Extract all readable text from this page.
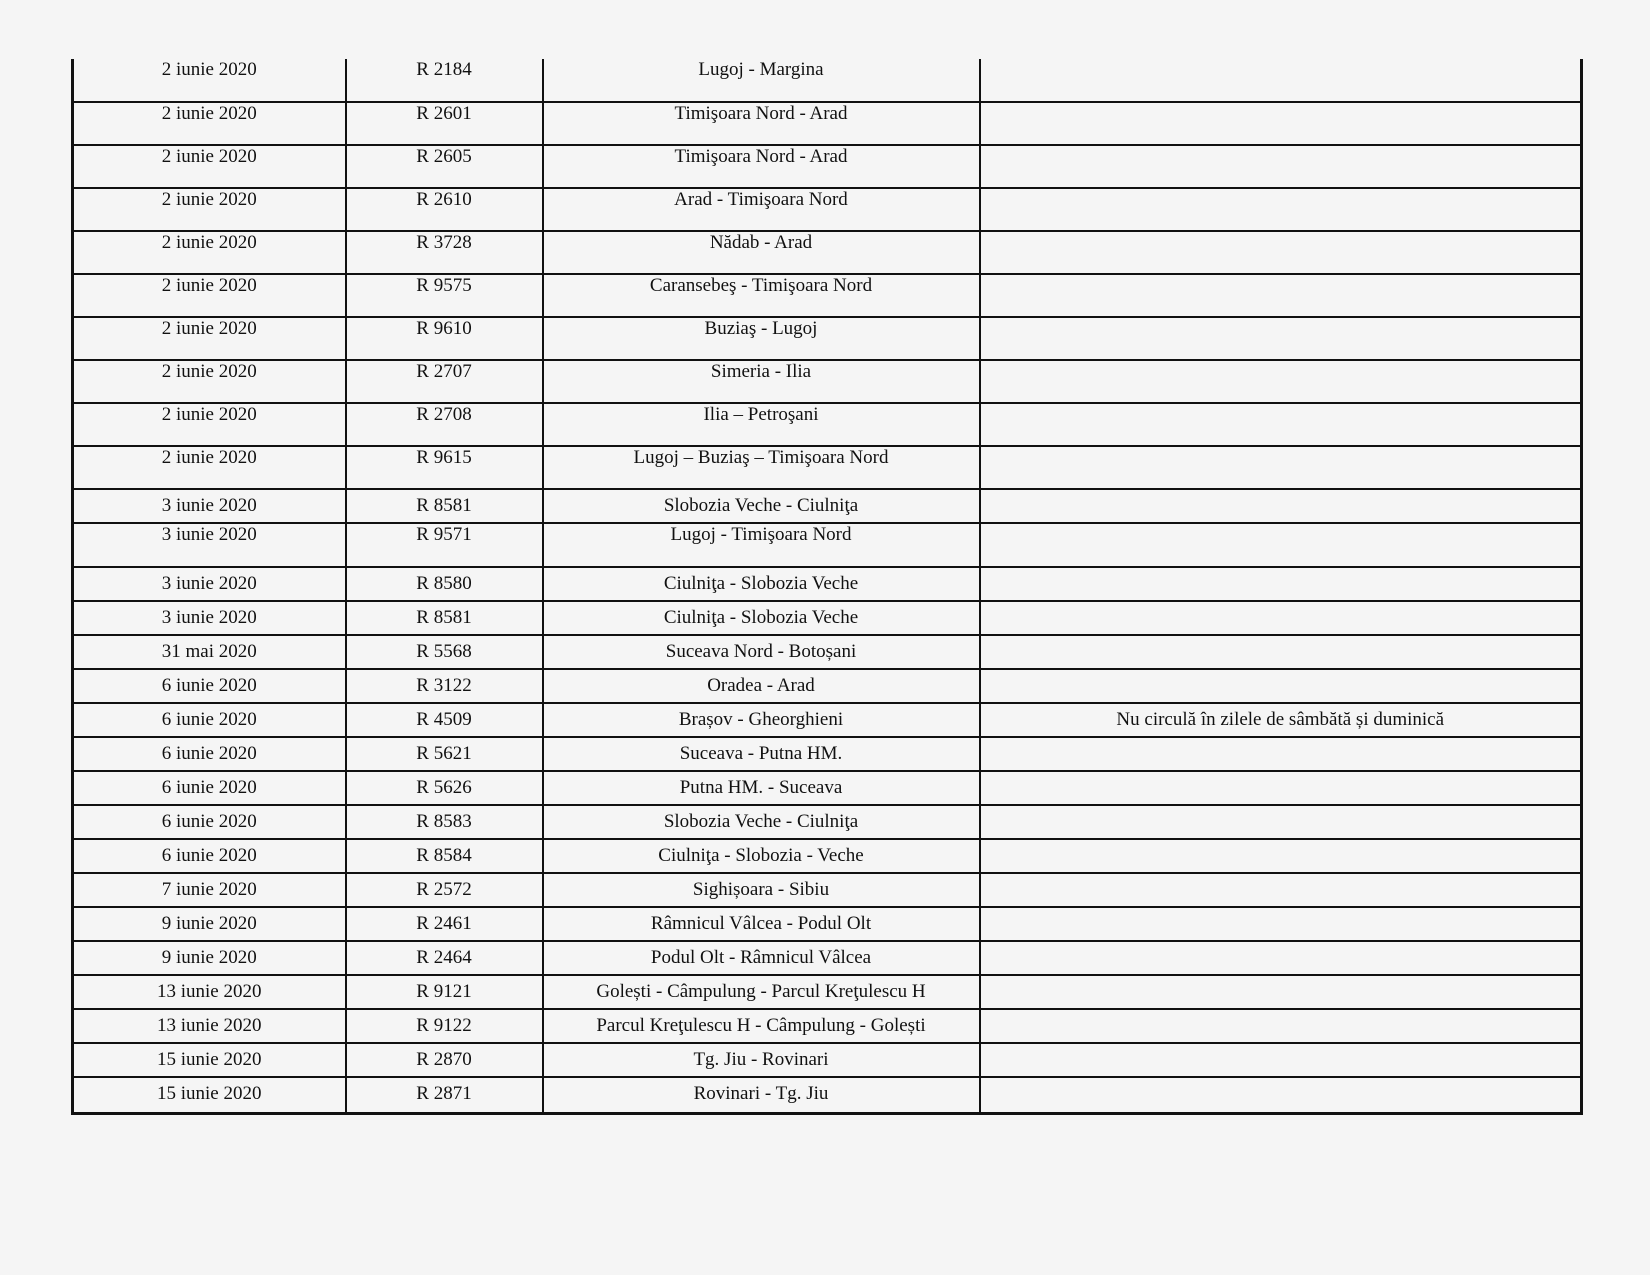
2 iunie 2020	R 2184	Lugoj - Margina	
2 iunie 2020	R 2601	Timişoara Nord - Arad	
2 iunie 2020	R 2605	Timişoara Nord - Arad	
2 iunie 2020	R 2610	Arad - Timişoara Nord	
2 iunie 2020	R 3728	Nădab - Arad	
2 iunie 2020	R 9575	Caransebeş - Timişoara Nord	
2 iunie 2020	R 9610	Buziaş - Lugoj	
2 iunie 2020	R 2707	Simeria - Ilia	
2 iunie 2020	R 2708	Ilia – Petroşani	
2 iunie 2020	R 9615	Lugoj – Buziaş – Timişoara Nord	
3 iunie 2020	R 8581	Slobozia Veche - Ciulniţa	
3 iunie 2020	R 9571	Lugoj - Timişoara Nord	
3 iunie 2020	R 8580	Ciulniţa - Slobozia Veche	
3 iunie 2020	R 8581	Ciulniţa - Slobozia Veche	
31 mai 2020	R 5568	Suceava Nord - Botoșani	
6 iunie 2020	R 3122	Oradea - Arad	
6 iunie 2020	R 4509	Brașov - Gheorghieni	Nu circulă în zilele de sâmbătă și duminică
6 iunie 2020	R 5621	Suceava - Putna HM.	
6 iunie 2020	R 5626	Putna HM. - Suceava	
6 iunie 2020	R 8583	Slobozia Veche - Ciulniţa	
6 iunie 2020	R 8584	Ciulniţa - Slobozia - Veche	
7 iunie 2020	R 2572	Sighișoara - Sibiu	
9 iunie 2020	R 2461	Râmnicul Vâlcea - Podul Olt	
9 iunie 2020	R 2464	Podul Olt - Râmnicul Vâlcea	
13 iunie 2020	R 9121	Golești - Câmpulung - Parcul Kreţulescu H	
13 iunie 2020	R 9122	Parcul Kreţulescu H - Câmpulung - Golești	
15 iunie 2020	R 2870	Tg. Jiu - Rovinari	
15 iunie 2020	R 2871	Rovinari - Tg. Jiu	
